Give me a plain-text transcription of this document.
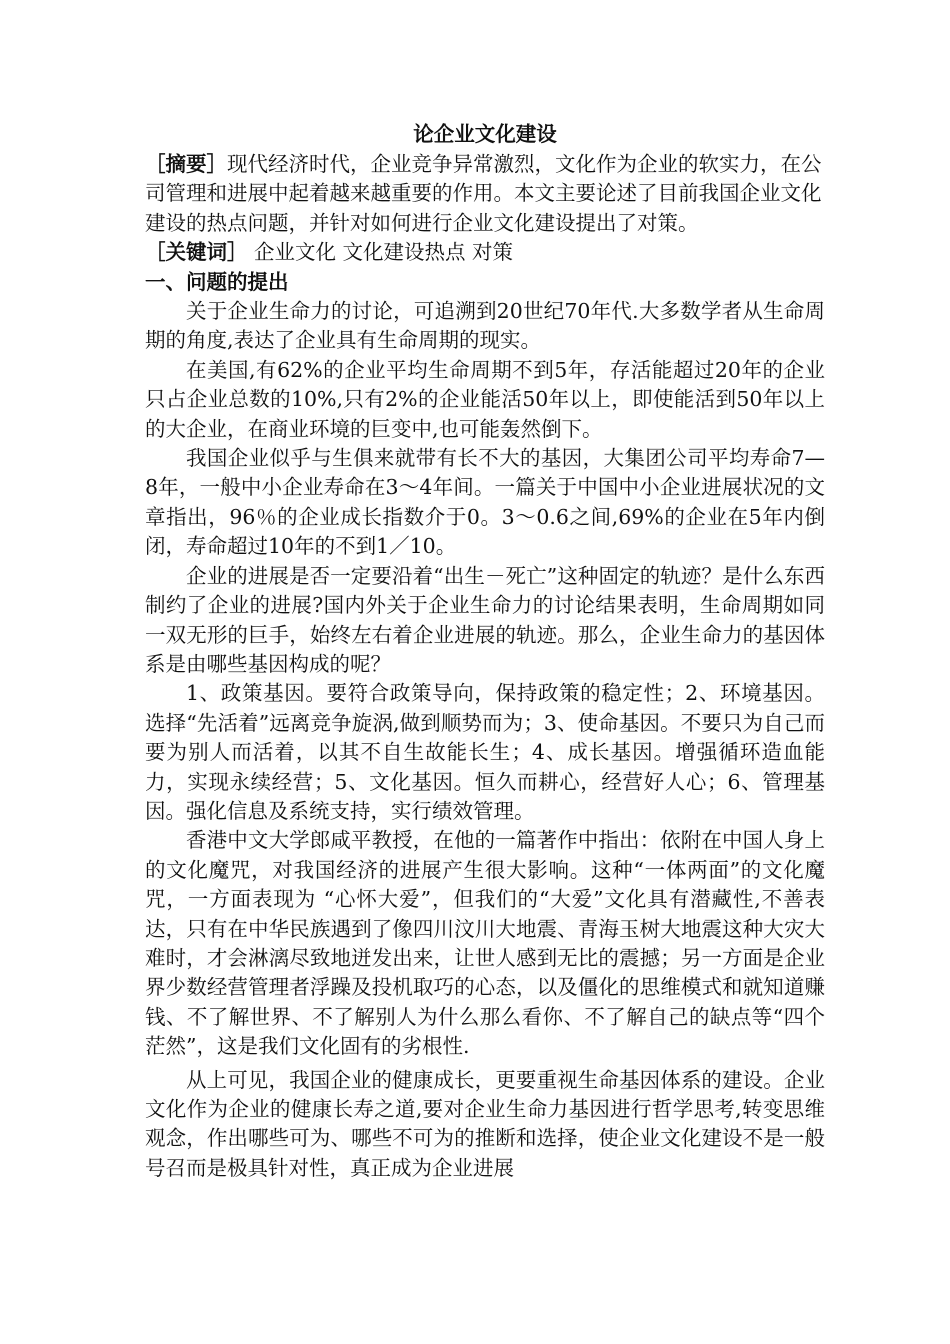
论企业文化建设

［摘要］现代经济时代，企业竞争异常激烈，文化作为企业的软实力，在公司管理和进展中起着越来越重要的作用。本文主要论述了目前我国企业文化建设的热点问题，并针对如何进行企业文化建设提出了对策。

［关键词］ 企业文化 文化建设热点 对策

一、问题的提出

关于企业生命力的讨论，可追溯到20世纪70年代.大多数学者从生命周期的角度,表达了企业具有生命周期的现实。

在美国,有62%的企业平均生命周期不到5年，存活能超过20年的企业只占企业总数的10%,只有2%的企业能活50年以上，即使能活到50年以上的大企业，在商业环境的巨变中,也可能轰然倒下。

我国企业似乎与生俱来就带有长不大的基因，大集团公司平均寿命7—8年，一般中小企业寿命在3～4年间。一篇关于中国中小企业进展状况的文章指出，96％的企业成长指数介于0。3～0.6之间,69%的企业在5年内倒闭，寿命超过10年的不到1／10。

企业的进展是否一定要沿着“出生－死亡”这种固定的轨迹？是什么东西制约了企业的进展?国内外关于企业生命力的讨论结果表明，生命周期如同一双无形的巨手，始终左右着企业进展的轨迹。那么，企业生命力的基因体系是由哪些基因构成的呢？

1、政策基因。要符合政策导向，保持政策的稳定性；2、环境基因。选择“先活着”远离竞争旋涡,做到顺势而为；3、使命基因。不要只为自己而要为别人而活着，以其不自生故能长生；4、成长基因。增强循环造血能力，实现永续经营；5、文化基因。恒久而耕心，经营好人心；6、管理基因。强化信息及系统支持，实行绩效管理。

香港中文大学郎咸平教授，在他的一篇著作中指出：依附在中国人身上的文化魔咒，对我国经济的进展产生很大影响。这种“一体两面”的文化魔咒，一方面表现为 “心怀大爱”，但我们的“大爱”文化具有潜藏性,不善表达，只有在中华民族遇到了像四川汶川大地震、青海玉树大地震这种大灾大难时，才会淋漓尽致地迸发出来，让世人感到无比的震撼；另一方面是企业界少数经营管理者浮躁及投机取巧的心态，以及僵化的思维模式和就知道赚钱、不了解世界、不了解别人为什么那么看你、不了解自己的缺点等“四个茫然”，这是我们文化固有的劣根性.

从上可见，我国企业的健康成长，更要重视生命基因体系的建设。企业文化作为企业的健康长寿之道,要对企业生命力基因进行哲学思考,转变思维观念，作出哪些可为、哪些不可为的推断和选择，使企业文化建设不是一般号召而是极具针对性，真正成为企业进展
